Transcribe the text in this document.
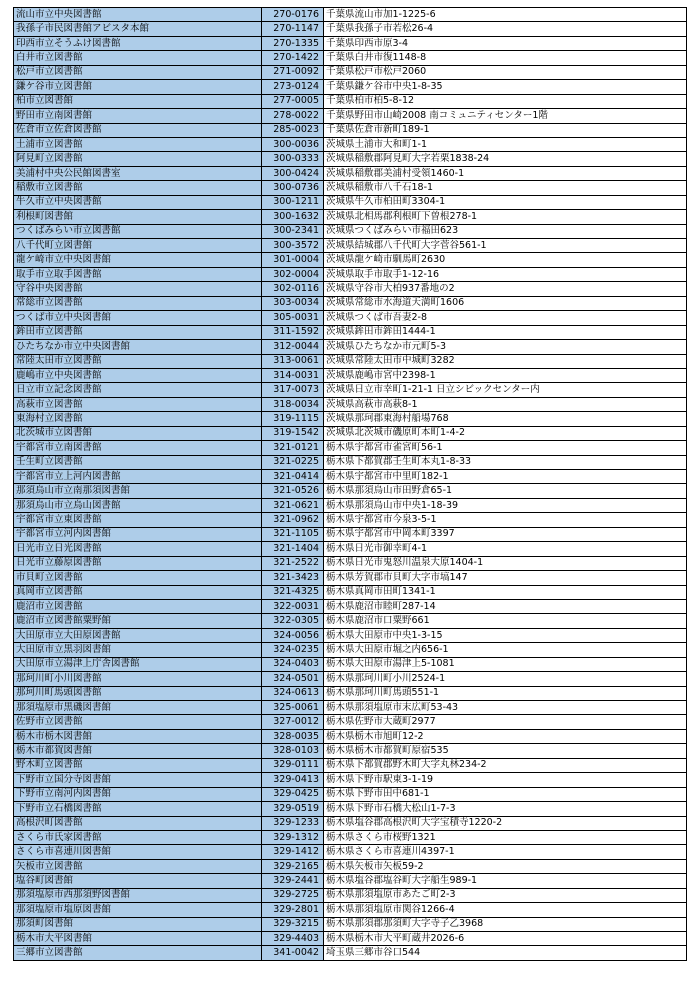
流山市立中央図書館	270-0176	千葉県流山市加1-1225-6
我孫子市民図書館アビスタ本館	270-1147	千葉県我孫子市若松26-4
印西市立そうふけ図書館	270-1335	千葉県印西市原3-4
白井市立図書館	270-1422	千葉県白井市復1148-8
松戸市立図書館	271-0092	千葉県松戸市松戸2060
鎌ケ谷市立図書館	273-0124	千葉県鎌ケ谷市中央1-8-35
柏市立図書館	277-0005	千葉県柏市柏5-8-12
野田市立南図書館	278-0022	千葉県野田市山崎2008 南コミュニティセンター1階
佐倉市立佐倉図書館	285-0023	千葉県佐倉市新町189-1
土浦市立図書館	300-0036	茨城県土浦市大和町1-1
阿見町立図書館	300-0333	茨城県稲敷郡阿見町大字若栗1838-24
美浦村中央公民館図書室	300-0424	茨城県稲敷郡美浦村受領1460-1
稲敷市立図書館	300-0736	茨城県稲敷市八千石18-1
牛久市立中央図書館	300-1211	茨城県牛久市柏田町3304-1
利根町図書館	300-1632	茨城県北相馬郡利根町下曽根278-1
つくばみらい市立図書館	300-2341	茨城県つくばみらい市福田623
八千代町立図書館	300-3572	茨城県結城郡八千代町大字菅谷561-1
龍ケ崎市立中央図書館	301-0004	茨城県龍ケ崎市馴馬町2630
取手市立取手図書館	302-0004	茨城県取手市取手1-12-16
守谷中央図書館	302-0116	茨城県守谷市大柏937番地の2
常総市立図書館	303-0034	茨城県常総市水海道天満町1606
つくば市立中央図書館	305-0031	茨城県つくば市吾妻2-8
鉾田市立図書館	311-1592	茨城県鉾田市鉾田1444-1
ひたちなか市立中央図書館	312-0044	茨城県ひたちなか市元町5-3
常陸太田市立図書館	313-0061	茨城県常陸太田市中城町3282
鹿嶋市立中央図書館	314-0031	茨城県鹿嶋市宮中2398-1
日立市立記念図書館	317-0073	茨城県日立市幸町1-21-1 日立シビックセンター内
高萩市立図書館	318-0034	茨城県高萩市高萩8-1
東海村立図書館	319-1115	茨城県那珂郡東海村船場768
北茨城市立図書館	319-1542	茨城県北茨城市磯原町本町1-4-2
宇都宮市立南図書館	321-0121	栃木県宇都宮市雀宮町56-1
壬生町立図書館	321-0225	栃木県下都賀郡壬生町本丸1-8-33
宇都宮市立上河内図書館	321-0414	栃木県宇都宮市中里町182-1
那須烏山市立南那須図書館	321-0526	栃木県那須烏山市田野倉65-1
那須烏山市立烏山図書館	321-0621	栃木県那須烏山市中央1-18-39
宇都宮市立東図書館	321-0962	栃木県宇都宮市今泉3-5-1
宇都宮市立河内図書館	321-1105	栃木県宇都宮市中岡本町3397
日光市立日光図書館	321-1404	栃木県日光市御幸町4-1
日光市立藤原図書館	321-2522	栃木県日光市鬼怒川温泉大原1404-1
市貝町立図書館	321-3423	栃木県芳賀郡市貝町大字市塙147
真岡市立図書館	321-4325	栃木県真岡市田町1341-1
鹿沼市立図書館	322-0031	栃木県鹿沼市睦町287-14
鹿沼市立図書館粟野館	322-0305	栃木県鹿沼市口粟野661
大田原市立大田原図書館	324-0056	栃木県大田原市中央1-3-15
大田原市立黒羽図書館	324-0235	栃木県大田原市堀之内656-1
大田原市立湯津上庁舎図書館	324-0403	栃木県大田原市湯津上5-1081
那珂川町小川図書館	324-0501	栃木県那珂川町小川2524-1
那珂川町馬頭図書館	324-0613	栃木県那珂川町馬頭551-1
那須塩原市黒磯図書館	325-0061	栃木県那須塩原市末広町53-43
佐野市立図書館	327-0012	栃木県佐野市大蔵町2977
栃木市栃木図書館	328-0035	栃木県栃木市旭町12-2
栃木市都賀図書館	328-0103	栃木県栃木市都賀町原宿535
野木町立図書館	329-0111	栃木県下都賀郡野木町大字丸林234-2
下野市立国分寺図書館	329-0413	栃木県下野市駅東3-1-19
下野市立南河内図書館	329-0425	栃木県下野市田中681-1
下野市立石橋図書館	329-0519	栃木県下野市石橋大松山1-7-3
高根沢町図書館	329-1233	栃木県塩谷郡高根沢町大字宝積寺1220-2
さくら市氏家図書館	329-1312	栃木県さくら市桜野1321
さくら市喜連川図書館	329-1412	栃木県さくら市喜連川4397-1
矢板市立図書館	329-2165	栃木県矢板市矢板59-2
塩谷町図書館	329-2441	栃木県塩谷郡塩谷町大字船生989-1
那須塩原市西那須野図書館	329-2725	栃木県那須塩原市あたご町2-3
那須塩原市塩原図書館	329-2801	栃木県那須塩原市関谷1266-4
那須町図書館	329-3215	栃木県那須郡那須町大字寺子乙3968
栃木市大平図書館	329-4403	栃木県栃木市大平町蔵井2026-6
三郷市立図書館	341-0042	埼玉県三郷市谷口544
